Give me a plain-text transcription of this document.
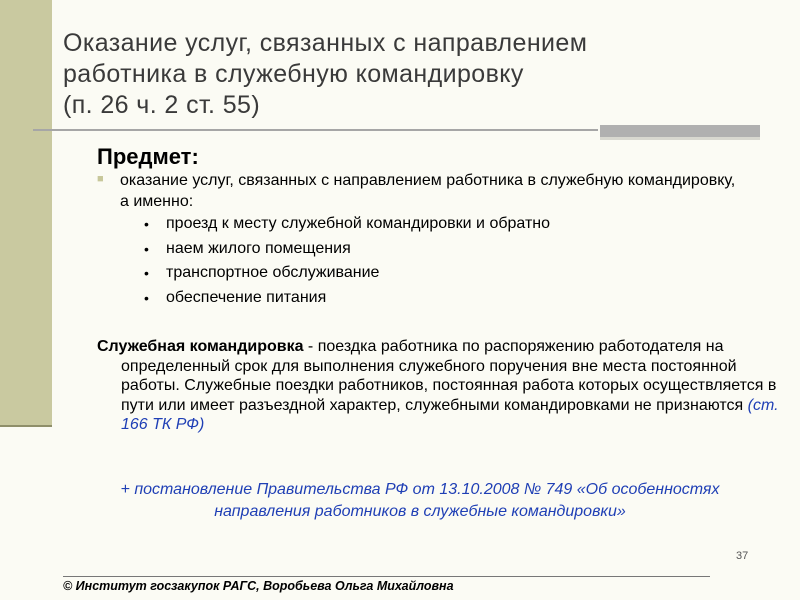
Оказание услуг, связанных с направлением
работника в служебную командировку
(п. 26 ч. 2 ст. 55)
Предмет:
■ оказание услуг, связанных с направлением работника в служебную командировку, а именно:
• проезд к месту служебной командировки и обратно
• наем жилого помещения
• транспортное обслуживание
• обеспечение питания
Служебная командировка - поездка работника по распоряжению работодателя на определенный срок для выполнения служебного поручения вне места постоянной работы. Служебные поездки работников, постоянная работа которых осуществляется в пути или имеет разъездной характер, служебными командировками не признаются (ст. 166 ТК РФ)
+ постановление Правительства РФ от 13.10.2008 № 749 «Об особенностях
направления работников в служебные командировки»
37
© Институт госзакупок РАГС, Воробьева Ольга Михайловна
